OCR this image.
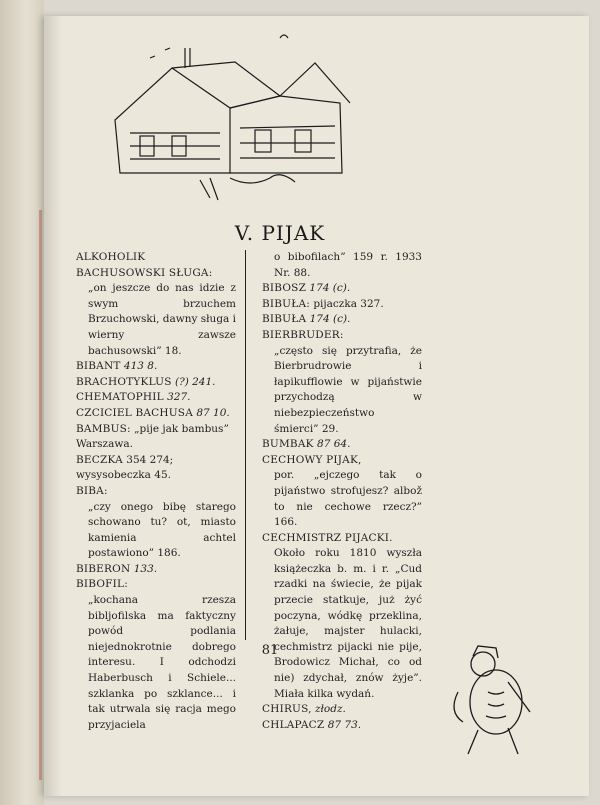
V. PIJAK

ALKOHOLIK

BACHUSOWSKI SŁUGA:
„on jeszcze do nas idzie z swym brzuchem Brzuchowski, dawny sługa i wierny zawsze bachusowski” 18.

BIBANT 413 8.

BRACHOTYKLUS (?) 241.

CHEMATOPHIL 327.

CZCICIEL BACHUSA 87 10.

BAMBUS: „pije jak bambus” Warszawa.

BECZKA 354 274; wysysobeczka 45.

BIBA:
„czy onego bibę starego schowano tu? ot, miasto kamienia achtel postawiono” 186.

BIBERON 133.

BIBOFIL:
„kochana rzesza bibljofilska ma faktyczny powód podlania niejednokrotnie dobrego interesu. I odchodzi Haberbusch i Schiele... szklanka po szklance... i tak utrwala się racja mego przyjaciela

o bibofilach” 159 r. 1933 Nr. 88.

BIBOSZ 174 (c).

BIBUŁA: pijaczka 327.

BIBUŁA 174 (c).

BIERBRUDER:
„często się przytrafia, że Bierbrudrowie i łapikufflowie w pijaństwie przychodzą w niebezpieczeństwo śmierci” 29.

BUMBAK 87 64.

CECHOWY PIJAK,
por. „ejczego tak o pijaństwo strofujesz? albož to nie cechowe rzecz?” 166.

CECHMISTRZ PIJACKI.
Około roku 1810 wyszła książeczka b. m. i r. „Cud rzadki na świecie, że pijak przecie statkuje, już żyć poczyna, wódkę przeklina, żałuje, majster hulacki, cechmistrz pijacki nie pije, Brodowicz Michał, co od nie) zdychał, znów żyje”. Miała kilka wydań.

CHIRUS, złodz.

CHLAPACZ 87 73.

81
